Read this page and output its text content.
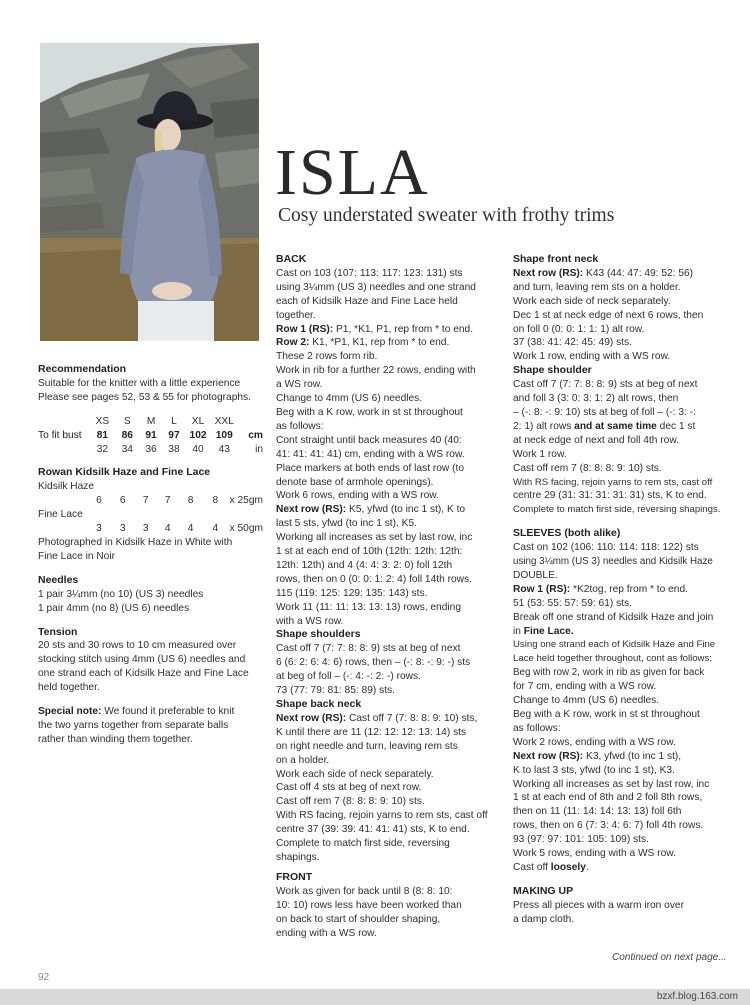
ISLA
Cosy understated sweater with frothy trims

Recommendation

Suitable for the knitter with a little experience

Please see pages 52, 53 & 55 for photographs.

	XS	S	M	L	XL	XXL	
To fit bust	81	86	91	97	102	109	cm
	32	34	36	38	40	43	in

Rowan Kidsilk Haze and Fine Lace

Kidsilk Haze

	6	6	7	7	8	8	x 25gm

Fine Lace

	3	3	3	4	4	4	x 50gm

Photographed in Kidsilk Haze in White with

Fine Lace in Noir

Needles

1 pair 3¼mm (no 10) (US 3) needles

1 pair 4mm (no 8) (US 6) needles

Tension

20 sts and 30 rows to 10 cm measured over

stocking stitch using 4mm (US 6) needles and

one strand each of Kidsilk Haze and Fine Lace

held together.

Special note: We found it preferable to knit

the two yarns together from separate balls

rather than winding them together.

BACK

Cast on 103 (107: 113: 117: 123: 131) sts

using 3¼mm (US 3) needles and one strand

each of Kidsilk Haze and Fine Lace held

together.

Row 1 (RS): P1, *K1, P1, rep from * to end.

Row 2: K1, *P1, K1, rep from * to end.

These 2 rows form rib.

Work in rib for a further 22 rows, ending with

a WS row.

Change to 4mm (US 6) needles.

Beg with a K row, work in st st throughout

as follows:

Cont straight until back measures 40 (40:

41: 41: 41: 41) cm, ending with a WS row.

Place markers at both ends of last row (to

denote base of armhole openings).

Work 6 rows, ending with a WS row.

Next row (RS): K5, yfwd (to inc 1 st), K to

last 5 sts, yfwd (to inc 1 st), K5.

Working all increases as set by last row, inc

1 st at each end of 10th (12th: 12th: 12th:

12th: 12th) and 4 (4: 4: 3: 2: 0) foll 12th

rows, then on 0 (0: 0: 1: 2: 4) foll 14th rows.

115 (119: 125: 129: 135: 143) sts.

Work 11 (11: 11: 13: 13: 13) rows, ending

with a WS row.

Shape shoulders

Cast off 7 (7: 7: 8: 8: 9) sts at beg of next

6 (6: 2: 6: 4: 6) rows, then – (-: 8: -: 9: -) sts

at beg of foll – (-: 4: -: 2: -) rows.

73 (77: 79: 81: 85: 89) sts.

Shape back neck

Next row (RS): Cast off 7 (7: 8: 8: 9: 10) sts,

K until there are 11 (12: 12: 12: 13: 14) sts

on right needle and turn, leaving rem sts

on a holder.

Work each side of neck separately.

Cast off 4 sts at beg of next row.

Cast off rem 7 (8: 8: 8: 9: 10) sts.

With RS facing, rejoin yarns to rem sts, cast off

centre 37 (39: 39: 41: 41: 41) sts, K to end.

Complete to match first side, reversing

shapings.

FRONT

Work as given for back until 8 (8: 8: 10:

10: 10) rows less have been worked than

on back to start of shoulder shaping,

ending with a WS row.

Shape front neck

Next row (RS): K43 (44: 47: 49: 52: 56)

and turn, leaving rem sts on a holder.

Work each side of neck separately.

Dec 1 st at neck edge of next 6 rows, then

on foll 0 (0: 0: 1: 1: 1) alt row.

37 (38: 41: 42: 45: 49) sts.

Work 1 row, ending with a WS row.

Shape shoulder

Cast off 7 (7: 7: 8: 8: 9) sts at beg of next

and foll 3 (3: 0: 3: 1: 2) alt rows, then

– (-: 8: -: 9: 10) sts at beg of foll – (-: 3: -:

2: 1) alt rows and at same time dec 1 st

at neck edge of next and foll 4th row.

Work 1 row.

Cast off rem 7 (8: 8: 8: 9: 10) sts.

With RS facing, rejoin yarns to rem sts, cast off

centre 29 (31: 31: 31: 31: 31) sts, K to end.

Complete to match first side, reversing shapings.

SLEEVES (both alike)

Cast on 102 (106: 110: 114: 118: 122) sts

using 3¼mm (US 3) needles and Kidsilk Haze

DOUBLE.

Row 1 (RS): *K2tog, rep from * to end.

51 (53: 55: 57: 59: 61) sts.

Break off one strand of Kidsilk Haze and join

in Fine Lace.

Using one strand each of Kidsilk Haze and Fine

Lace held together throughout, cont as follows:

Beg with row 2, work in rib as given for back

for 7 cm, ending with a WS row.

Change to 4mm (US 6) needles.

Beg with a K row, work in st st throughout

as follows:

Work 2 rows, ending with a WS row.

Next row (RS): K3, yfwd (to inc 1 st),

K to last 3 sts, yfwd (to inc 1 st), K3.

Working all increases as set by last row, inc

1 st at each end of 8th and 2 foll 8th rows,

then on 11 (11: 14: 14: 13: 13) foll 6th

rows, then on 6 (7: 3: 4: 6: 7) foll 4th rows.

93 (97: 97: 101: 105: 109) sts.

Work 5 rows, ending with a WS row.

Cast off loosely.

MAKING UP

Press all pieces with a warm iron over

a damp cloth.

Continued on next page...
92
bzxf.blog.163.com
